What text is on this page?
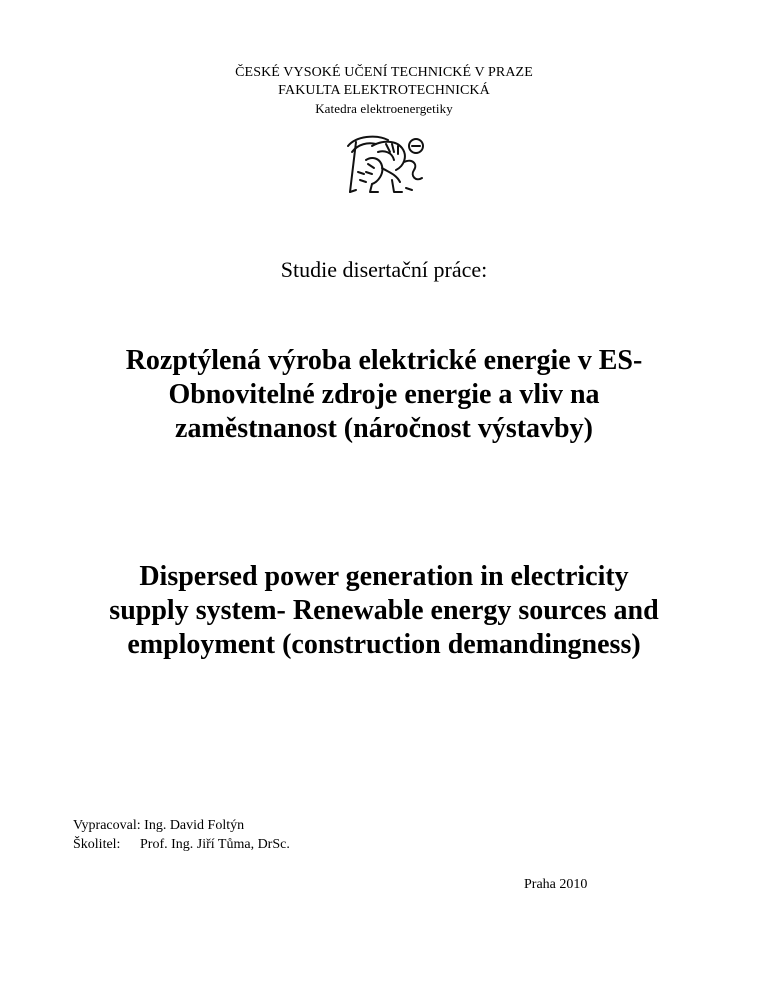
ČESKÉ VYSOKÉ UČENÍ TECHNICKÉ V PRAZE
FAKULTA ELEKTROTECHNICKÁ
Katedra elektroenergetiky
Studie disertační práce:
Rozptýlená výroba elektrické energie v ES-
Obnovitelné zdroje energie a vliv na
zaměstnanost (náročnost výstavby)
Dispersed power generation in electricity
supply system- Renewable energy sources and
employment (construction demandingness)
Vypracoval: Ing. David Foltýn
Školitel: Prof. Ing. Jiří Tůma, DrSc.
Praha 2010
